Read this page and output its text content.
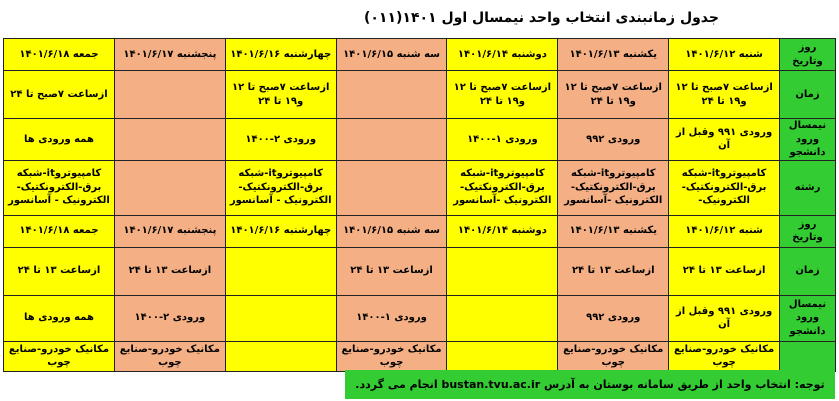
جدول زمانبندی انتخاب واحد نیمسال اول ۱۴۰۱(۰۱۱)
روز وتاریخ	شنبه ۱۴۰۱/۶/۱۲	یکشنبه ۱۴۰۱/۶/۱۳	دوشنبه ۱۴۰۱/۶/۱۴	سه شنبه ۱۴۰۱/۶/۱۵	چهارشنبه ۱۴۰۱/۶/۱۶	پنجشنبه ۱۴۰۱/۶/۱۷	جمعه ۱۴۰۱/۶/۱۸
زمان	ازساعت ۷صبح تا ۱۲ و۱۹ تا ۲۴	ازساعت ۷صبح تا ۱۲ و۱۹ تا ۲۴	ازساعت ۷صبح تا ۱۲ و۱۹ تا ۲۴		ازساعت ۷صبح تا ۱۲ و۱۹ تا ۲۴		ازساعت ۷صبح تا ۲۴
نیمسال ورود دانشجو	ورودی ۹۹۱ وقبل از آن	ورودی ۹۹۲	ورودی ۱-۱۴۰۰		ورودی ۲-۱۴۰۰		همه ورودی ها
رشته	کامپیوتروit-شبکه برق-الکترونکتیک-الکترونیک-	کامپیوتروit-شبکه برق-الکترونکتیک-الکترونیک -آسانسور	کامپیوتروit-شبکه برق-الکترونکتیک-الکترونیک -آسانسور		کامپیوتروit-شبکه برق-الکترونکتیک-الکترونیک - آسانسور		کامپیوتروit-شبکه برق-الکترونکتیک-الکترونیک - آسانسور
روز وتاریخ	شنبه ۱۴۰۱/۶/۱۲	یکشنبه ۱۴۰۱/۶/۱۳	دوشنبه ۱۴۰۱/۶/۱۴	سه شنبه ۱۴۰۱/۶/۱۵	چهارشنبه ۱۴۰۱/۶/۱۶	پنجشنبه ۱۴۰۱/۶/۱۷	جمعه ۱۴۰۱/۶/۱۸
زمان	ازساعت ۱۳ تا ۲۴	ازساعت ۱۳ تا ۲۴		ازساعت ۱۳ تا ۲۴		ازساعت ۱۳ تا ۲۴	ازساعت ۱۳ تا ۲۴
نیمسال ورود دانشجو	ورودی ۹۹۱ وقبل از آن	ورودی ۹۹۲		ورودی ۱-۱۴۰۰		ورودی ۲-۱۴۰۰	همه ورودی ها
	مکانیک خودرو-صنایع چوب	مکانیک خودرو-صنایع چوب		مکانیک خودرو-صنایع چوب		مکانیک خودرو-صنایع چوب	مکانیک خودرو-صنایع چوب
توجه: انتخاب واحد از طریق سامانه بوستان به آدرس bustan.tvu.ac.ir انجام می گردد.
